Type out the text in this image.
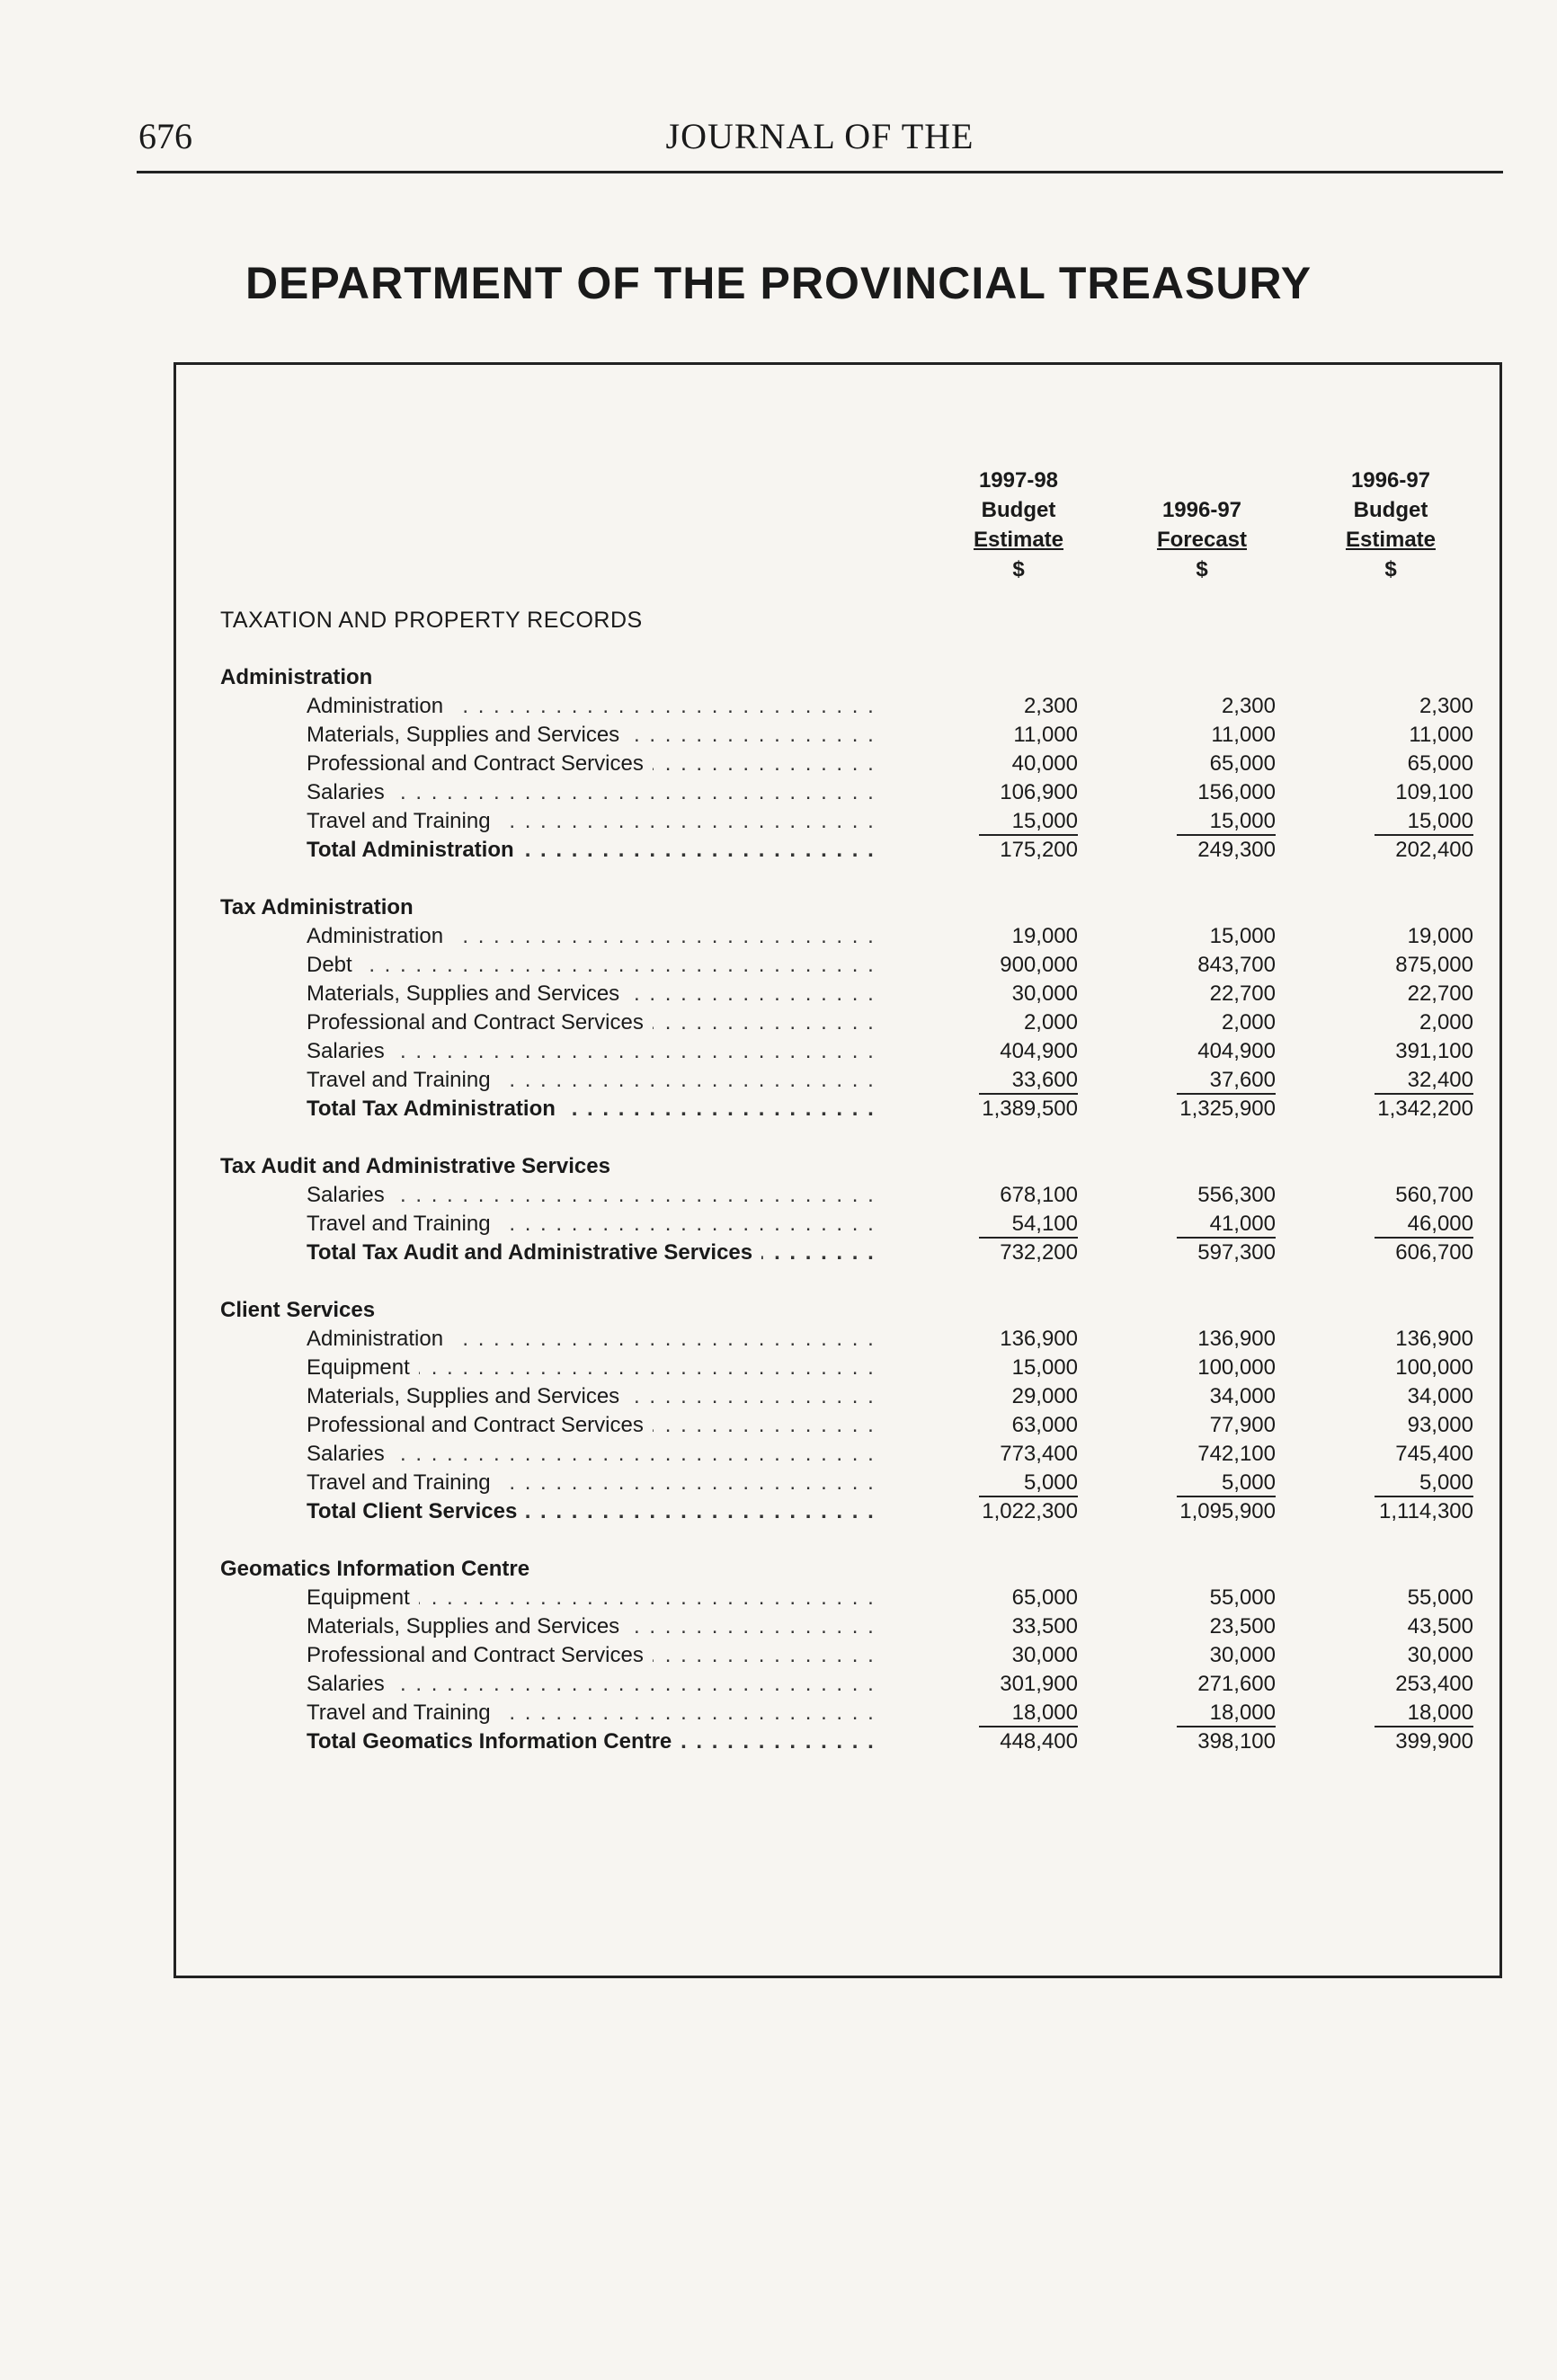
676	JOURNAL OF THE
DEPARTMENT OF THE PROVINCIAL TREASURY
1997-98
Budget
Estimate
$

1996-97
Forecast
$
1996-97
Budget
Estimate
$
TAXATION AND PROPERTY RECORDS
Administration			
Administration . . .	2,300	2,300	2,300
Materials, Supplies and Services . . .	11,000	11,000	11,000
Professional and Contract Services . . .	40,000	65,000	65,000
Salaries . . .	106,900	156,000	109,100
Travel and Training . . .	15,000	15,000	15,000
Total Administration . . .	175,200	249,300	202,400

Tax Administration			
Administration . . .	19,000	15,000	19,000
Debt . . .	900,000	843,700	875,000
Materials, Supplies and Services . . .	30,000	22,700	22,700
Professional and Contract Services . . .	2,000	2,000	2,000
Salaries . . .	404,900	404,900	391,100
Travel and Training . . .	33,600	37,600	32,400
Total Tax Administration . . .	1,389,500	1,325,900	1,342,200

Tax Audit and Administrative Services			
Salaries . . .	678,100	556,300	560,700
Travel and Training . . .	54,100	41,000	46,000
Total Tax Audit and Administrative Services . . .	732,200	597,300	606,700

Client Services			
Administration . . .	136,900	136,900	136,900
Equipment . . .	15,000	100,000	100,000
Materials, Supplies and Services . . .	29,000	34,000	34,000
Professional and Contract Services . . .	63,000	77,900	93,000
Salaries . . .	773,400	742,100	745,400
Travel and Training . . .	5,000	5,000	5,000
Total Client Services . . .	1,022,300	1,095,900	1,114,300

Geomatics Information Centre			
Equipment . . .	65,000	55,000	55,000
Materials, Supplies and Services . . .	33,500	23,500	43,500
Professional and Contract Services . . .	30,000	30,000	30,000
Salaries . . .	301,900	271,600	253,400
Travel and Training . . .	18,000	18,000	18,000
Total Geomatics Information Centre . . .	448,400	398,100	399,900
